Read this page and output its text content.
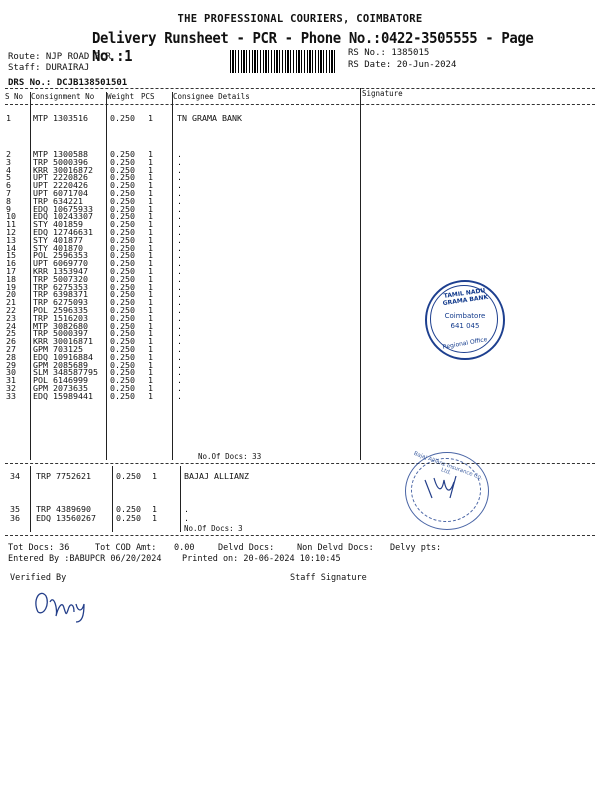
THE PROFESSIONAL COURIERS, COIMBATORE
Delivery Runsheet - PCR - Phone No.:0422-3505555 - Page No.:1
Route: NJP ROAD PCR
Staff: DURAIRAJ
RS No.: 1385015
RS Date: 20-Jun-2024
DRS No.: DCJB138501501
S No Consignment No Weight PCS Consignee Details	Signature
1	MTP 1303516	0.250 1	TN GRAMA BANK
2	MTP 1300588	0.250 1	.
3	TRP 5000396	0.250 1	.
4	KRR 30016872 0.250 1	.
5	UPT 2220826	0.250 1	.
6	UPT 2220426	0.250 1	.
7	UPT 6071704	0.250 1	.
8	TRP 634221	0.250 1	.
9	EDQ 10675933 0.250 1	.
10 EDQ 10243307 0.250 1	.
11 STY 401859	0.250 1	.
12 EDQ 12746631 0.250 1	.
13 STY 401877	0.250 1	.
14 STY 401870	0.250 1	.
15 POL 2596353	0.250 1	.
16 UPT 6069770	0.250 1	.
17 KRR 1353947	0.250 1	.
18 TRP 5007320	0.250 1	.
19 TRP 6275353	0.250 1	.
20 TRP 6398371	0.250 1	.
21 TRP 6275093	0.250 1	.
22 POL 2596335	0.250 1	.
23 TRP 1516203	0.250 1	.
24 MTP 3082680	0.250 1	.
25 TRP 5000397	0.250 1	.
26 KRR 30016871 0.250 1	.
27 GPM 703125	0.250 1	.
28 EDQ 10916884 0.250 1	.
29 GPM 2085689	0.250 1	.
30 SLM 348587795 0.250 1	.
31 POL 6146999	0.250 1	.
32 GPM 2073635	0.250 1	.
33 EDQ 15989441 0.250 1	.
No.Of Docs: 33
34 TRP 7752621	0.250 1	BAJAJ ALLIANZ
35 TRP 4389690	0.250 1	.
36 EDQ 13560267 0.250 1	.
No.Of Docs: 3
Tot Docs: 36	Tot COD Amt: 0.00	Delvd Docs:	Non Delvd Docs: Delvy pts:
Entered By :BABUPCR 06/20/2024 Printed on: 20-06-2024 10:10:45
Verified By	Staff Signature
TAMIL NADU GRAMA BANK
Coimbatore
641 045
Regional Office
Bajaj Allianz Insurance Co. Ltd.
